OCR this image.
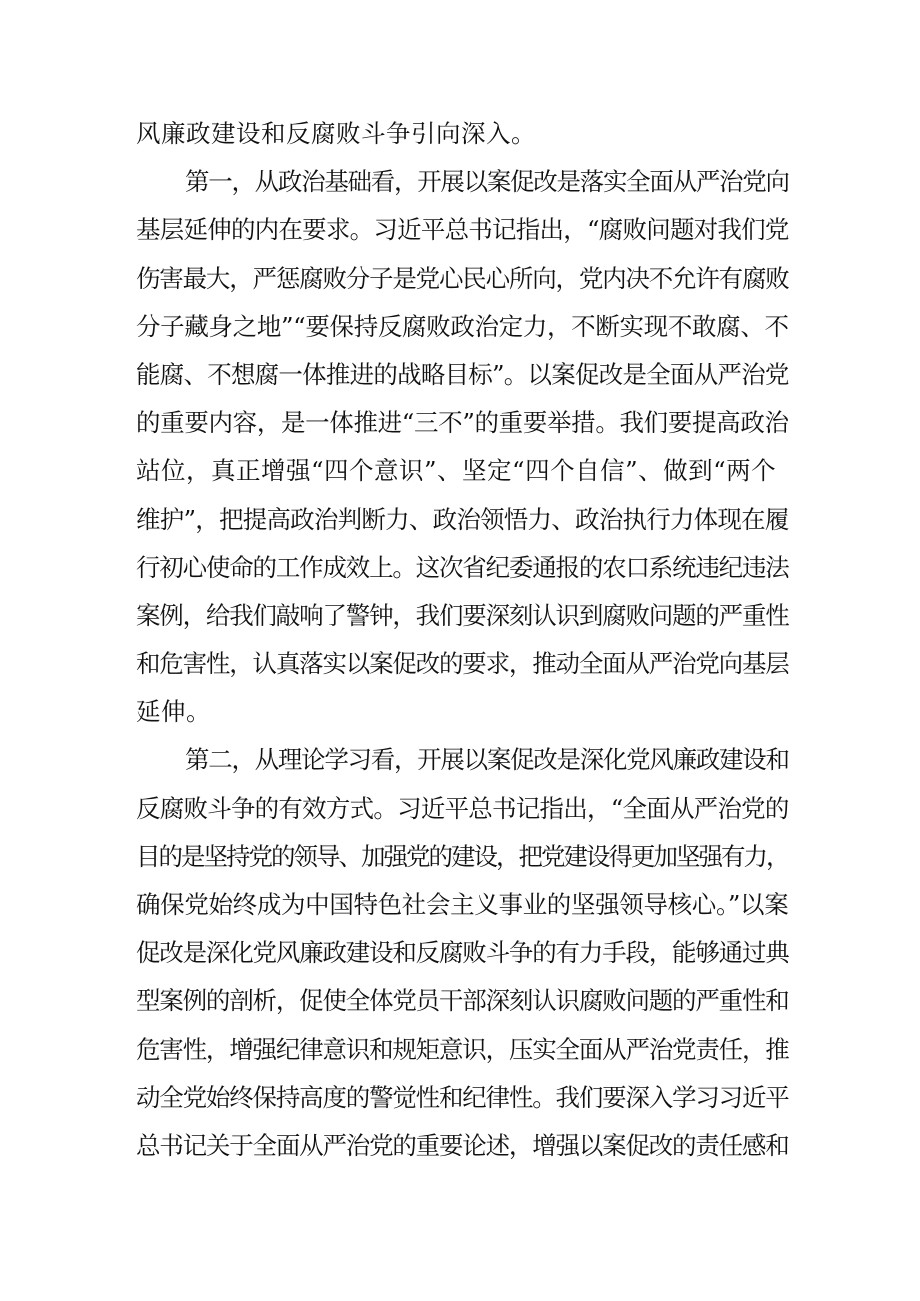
风廉政建设和反腐败斗争引向深入。
第一，从政治基础看，开展以案促改是落实全面从严治党向
基层延伸的内在要求。习近平总书记指出，“腐败问题对我们党
伤害最大，严惩腐败分子是党心民心所向，党内决不允许有腐败
分子藏身之地”“要保持反腐败政治定力，不断实现不敢腐、不
能腐、不想腐一体推进的战略目标”。以案促改是全面从严治党
的重要内容，是一体推进“三不”的重要举措。我们要提高政治
站位，真正增强“四个意识”、坚定“四个自信”、做到“两个
维护”，把提高政治判断力、政治领悟力、政治执行力体现在履
行初心使命的工作成效上。这次省纪委通报的农口系统违纪违法
案例，给我们敲响了警钟，我们要深刻认识到腐败问题的严重性
和危害性，认真落实以案促改的要求，推动全面从严治党向基层
延伸。
第二，从理论学习看，开展以案促改是深化党风廉政建设和
反腐败斗争的有效方式。习近平总书记指出，“全面从严治党的
目的是坚持党的领导、加强党的建设，把党建设得更加坚强有力，
确保党始终成为中国特色社会主义事业的坚强领导核心。”以案
促改是深化党风廉政建设和反腐败斗争的有力手段，能够通过典
型案例的剖析，促使全体党员干部深刻认识腐败问题的严重性和
危害性，增强纪律意识和规矩意识，压实全面从严治党责任，推
动全党始终保持高度的警觉性和纪律性。我们要深入学习习近平
总书记关于全面从严治党的重要论述，增强以案促改的责任感和
